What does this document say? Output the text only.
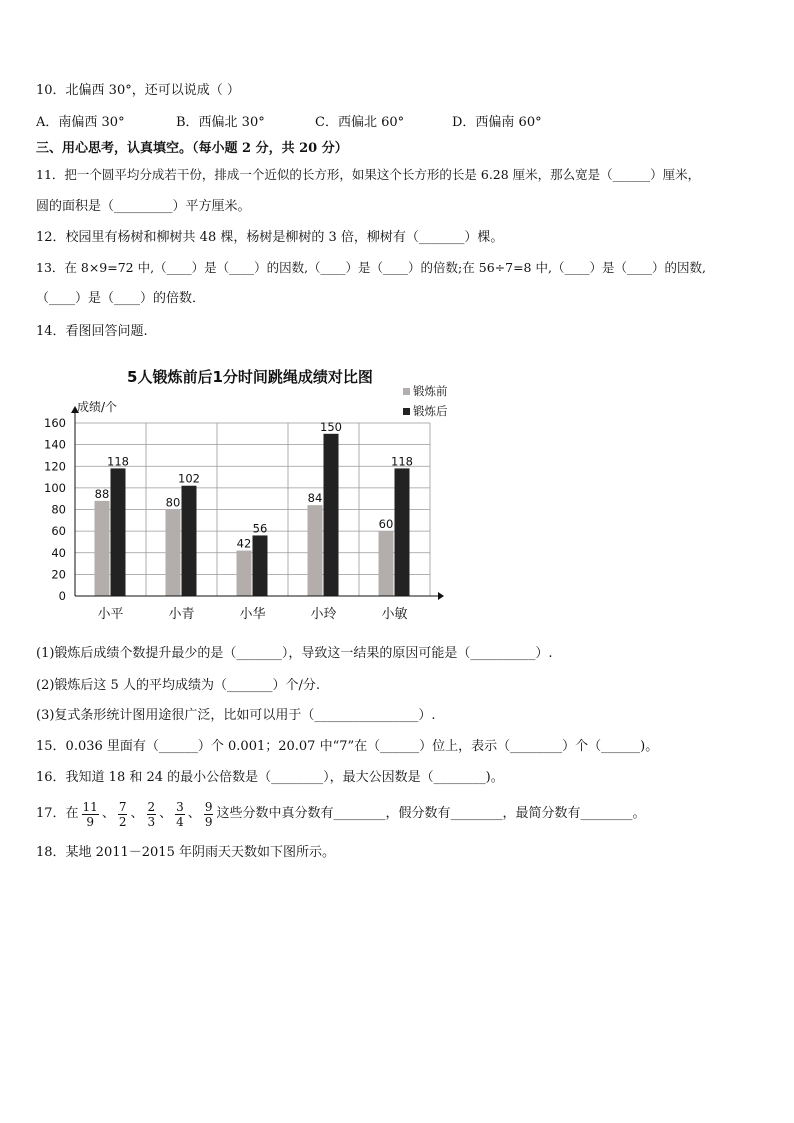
10．北偏西 30°，还可以说成（ ）
A．南偏西 30°	B．西偏北 30°	C．西偏北 60°	D．西偏南 60°
三、用心思考，认真填空。（每小题 2 分，共 20 分）
11．把一个圆平均分成若干份，排成一个近似的长方形，如果这个长方形的长是 6.28 厘米，那么宽是（______）厘米，
圆的面积是（_________）平方厘米。
12．校园里有杨树和柳树共 48 棵，杨树是柳树的 3 倍，柳树有（_______）棵。
13．在 8×9=72 中,（____）是（____）的因数,（____）是（____）的倍数;在 56÷7=8 中,（____）是（____）的因数,
（____）是（____）的倍数．
14．看图回答问题.
5人锻炼前后1分时间跳绳成绩对比图
成绩/个
0
20
40
60
80
100
120
140
160
88
118
小平
80
102
小青
42
56
小华
84
150
小玲
60
118
小敏
锻炼前
锻炼后
(1)锻炼后成绩个数提升最少的是（_______），导致这一结果的原因可能是（__________）.
(2)锻炼后这 5 人的平均成绩为（_______）个/分.
(3)复式条形统计图用途很广泛，比如可以用于（________________）.
15．0.036 里面有（______）个 0.001；20.07 中“7”在（______）位上，表示（________）个（______)。
16．我知道 18 和 24 的最小公倍数是（________），最大公因数是（________)。
17．在 $\frac{11}{9}$ 、 $\frac{7}{2}$ 、 $\frac{2}{3}$ 、 $\frac{3}{4}$ 、 $\frac{9}{9}$ 这些分数中真分数有________，假分数有________，最简分数有________。
18．某地 2011－2015 年阴雨天天数如下图所示。
